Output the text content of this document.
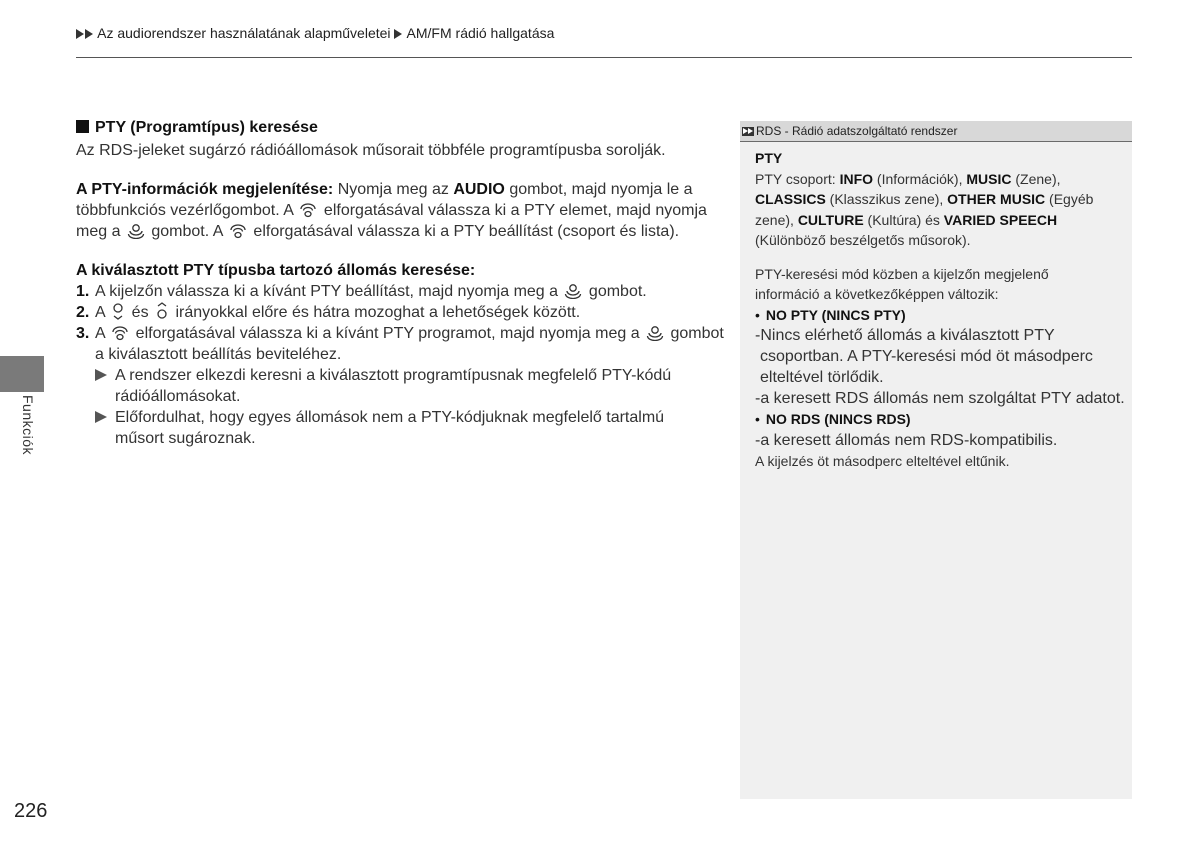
Az audiorendszer használatának alapműveletei AM/FM rádió hallgatása
Funkciók
PTY (Programtípus) keresése

Az RDS-jeleket sugárzó rádióállomások műsorait többféle programtípusba sorolják.

A PTY-információk megjelenítése: Nyomja meg az AUDIO gombot, majd nyomja le a
többfunkciós vezérlőgombot. A  elforgatásával válassza ki a PTY elemet, majd nyomja
meg a  gombot. A  elforgatásával válassza ki a PTY beállítást (csoport és lista).

A kiválasztott PTY típusba tartozó állomás keresése:

1. A kijelzőn válassza ki a kívánt PTY beállítást, majd nyomja meg a  gombot.
2. A  és  irányokkal előre és hátra mozoghat a lehetőségek között.
3. A  elforgatásával válassza ki a kívánt PTY programot, majd nyomja meg a  gombot
a kiválasztott beállítás beviteléhez.
A rendszer elkezdi keresni a kiválasztott programtípusnak megfelelő PTY-kódú
rádióállomásokat.
Előfordulhat, hogy egyes állomások nem a PTY-kódjuknak megfelelő tartalmú
műsort sugároznak.
RDS - Rádió adatszolgáltató rendszer
PTY
PTY csoport: INFO (Információk), MUSIC (Zene),
CLASSICS (Klasszikus zene), OTHER MUSIC (Egyéb
zene), CULTURE (Kultúra) és VARIED SPEECH
(Különböző beszélgetős műsorok).
PTY-keresési mód közben a kijelzőn megjelenő
információ a következőképpen változik:
• NO PTY (NINCS PTY)
-Nincs elérhető állomás a kiválasztott PTY
csoportban. A PTY-keresési mód öt másodperc
elteltével törlődik.
-a keresett RDS állomás nem szolgáltat PTY adatot.
• NO RDS (NINCS RDS)
-a keresett állomás nem RDS-kompatibilis.
A kijelzés öt másodperc elteltével eltűnik.
226
